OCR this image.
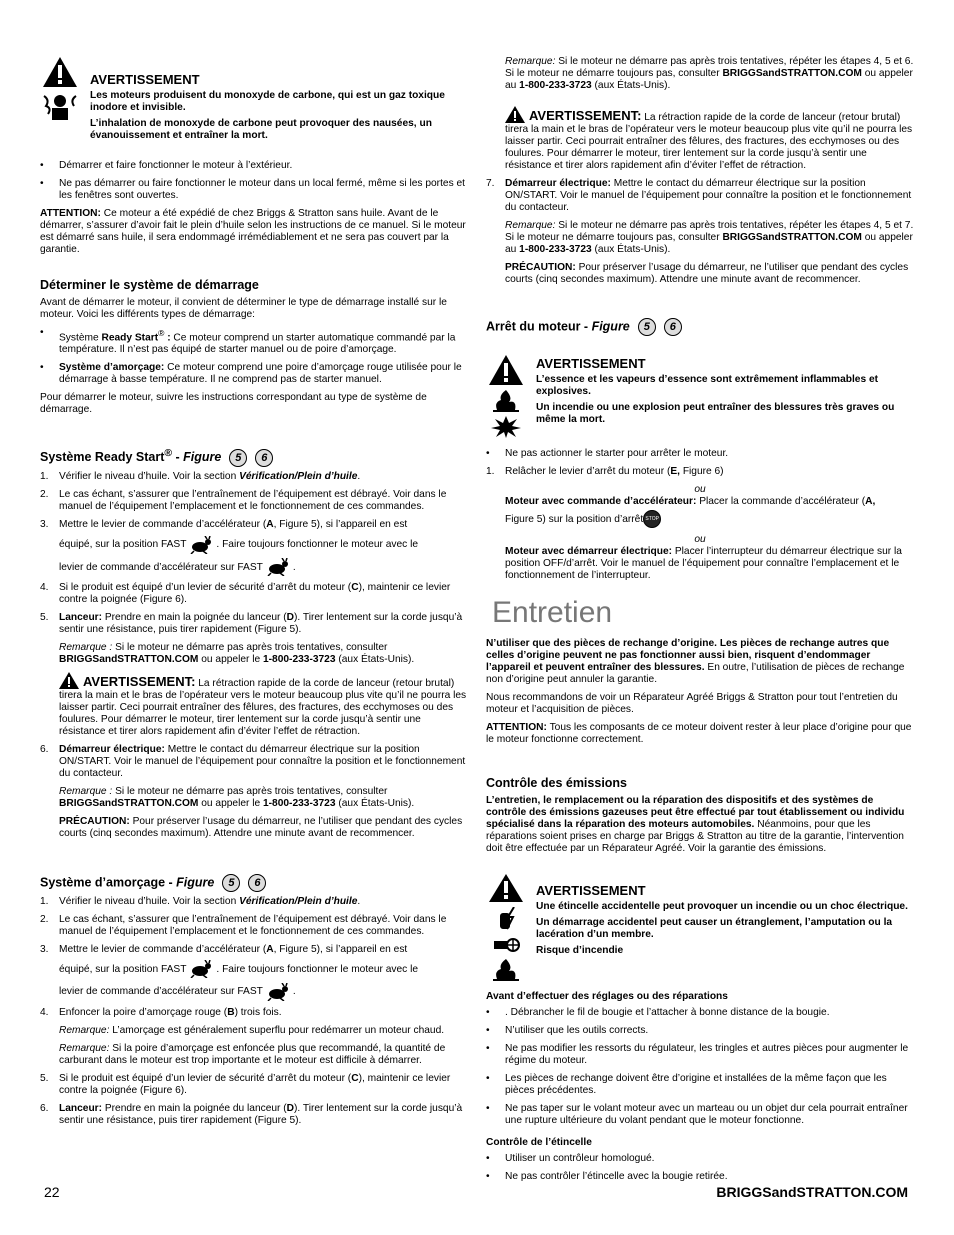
AVERTISSEMENT

Les moteurs produisent du monoxyde de carbone, qui est un gaz toxique inodore et invisible.

L’inhalation de monoxyde de carbone peut provoquer des nausées, un évanouissement et entraîner la mort.

• Démarrer et faire fonctionner le moteur à l’extérieur.
• Ne pas démarrer ou faire fonctionner le moteur dans un local fermé, même si les portes et les fenêtres sont ouvertes.

ATTENTION: Ce moteur a été expédié de chez Briggs & Stratton sans huile. Avant de le démarrer, s’assurer d’avoir fait le plein d’huile selon les instructions de ce manuel. Si le moteur est démarré sans huile, il sera endommagé irrémédiablement et ne sera pas couvert par la garantie.

Déterminer le système de démarrage

Avant de démarrer le moteur, il convient de déterminer le type de démarrage installé sur le moteur. Voici les différents types de démarrage:

• Système Ready Start® : Ce moteur comprend un starter automatique commandé par la température. Il n’est pas équipé de starter manuel ou de poire d’amorçage.
• Système d’amorçage: Ce moteur comprend une poire d’amorçage rouge utilisée pour le démarrage à basse température. Il ne comprend pas de starter manuel.

Pour démarrer le moteur, suivre les instructions correspondant au type de système de démarrage.

Système Ready Start® - Figure 5 6
1. Vérifier le niveau d’huile. Voir la section Vérification/Plein d’huile.
2. Le cas échant, s’assurer que l’entraînement de l’équipement est débrayé. Voir dans le manuel de l’équipement l’emplacement et le fonctionnement de ces commandes.
3. Mettre le levier de commande d’accélérateur (A, Figure 5), si l’appareil en est
équipé, sur la position FAST	. Faire toujours fonctionner le moteur avec le
levier de commande d’accélérateur sur FAST	.
4. Si le produit est équipé d’un levier de sécurité d’arrêt du moteur (C), maintenir ce levier contre la poignée (Figure 6).
5. Lanceur: Prendre en main la poignée du lanceur (D). Tirer lentement sur la corde jusqu’à sentir une résistance, puis tirer rapidement (Figure 5).

Remarque : Si le moteur ne démarre pas après trois tentatives, consulter BRIGGSandSTRATTON.COM ou appeler le 1-800-233-3723 (aux États-Unis).

AVERTISSEMENT: La rétraction rapide de la corde de lanceur (retour brutal) tirera la main et le bras de l’opérateur vers le moteur beaucoup plus vite qu’il ne pourra les laisser partir. Ceci pourrait entraîner des fêlures, des fractures, des ecchymoses ou des foulures. Pour démarrer le moteur, tirer lentement sur la corde jusqu’à sentir une résistance et tirer alors rapidement afin d’éviter l’effet de rétraction.

6. Démarreur électrique: Mettre le contact du démarreur électrique sur la position ON/START. Voir le manuel de l’équipement pour connaître la position et le fonctionnement du contacteur.

Remarque : Si le moteur ne démarre pas après trois tentatives, consulter BRIGGSandSTRATTON.COM ou appeler le 1-800-233-3723 (aux États-Unis).

PRÉCAUTION: Pour préserver l’usage du démarreur, ne l’utiliser que pendant des cycles courts (cinq secondes maximum). Attendre une minute avant de recommencer.

Système d’amorçage - Figure 5 6
1. Vérifier le niveau d’huile. Voir la section Vérification/Plein d’huile.
2. Le cas échant, s’assurer que l’entraînement de l’équipement est débrayé. Voir dans le manuel de l’équipement l’emplacement et le fonctionnement de ces commandes.
3. Mettre le levier de commande d’accélérateur (A, Figure 5), si l’appareil en est
équipé, sur la position FAST	. Faire toujours fonctionner le moteur avec le
levier de commande d’accélérateur sur FAST	.
4. Enfoncer la poire d’amorçage rouge (B) trois fois.

Remarque: L’amorçage est généralement superflu pour redémarrer un moteur chaud.

Remarque: Si la poire d’amorçage est enfoncée plus que recommandé, la quantité de carburant dans le moteur est trop importante et le moteur est difficile à démarrer.

5. Si le produit est équipé d’un levier de sécurité d’arrêt du moteur (C), maintenir ce levier contre la poignée (Figure 6).
6. Lanceur: Prendre en main la poignée du lanceur (D). Tirer lentement sur la corde jusqu’à sentir une résistance, puis tirer rapidement (Figure 5).

Remarque: Si le moteur ne démarre pas après trois tentatives, répéter les étapes 4, 5 et 6. Si le moteur ne démarre toujours pas, consulter BRIGGSandSTRATTON.COM ou appeler au 1-800-233-3723 (aux États-Unis).

AVERTISSEMENT: La rétraction rapide de la corde de lanceur (retour brutal) tirera la main et le bras de l’opérateur vers le moteur beaucoup plus vite qu’il ne pourra les laisser partir. Ceci pourrait entraîner des fêlures, des fractures, des ecchymoses ou des foulures. Pour démarrer le moteur, tirer lentement sur la corde jusqu’à sentir une résistance et tirer alors rapidement afin d’éviter l’effet de rétraction.

7. Démarreur électrique: Mettre le contact du démarreur électrique sur la position ON/START. Voir le manuel de l’équipement pour connaître la position et le fonctionnement du contacteur.

Remarque: Si le moteur ne démarre pas après trois tentatives, répéter les étapes 4, 5 et 7. Si le moteur ne démarre toujours pas, consulter BRIGGSandSTRATTON.COM ou appeler au 1-800-233-3723 (aux États-Unis).

PRÉCAUTION: Pour préserver l’usage du démarreur, ne l’utiliser que pendant des cycles courts (cinq secondes maximum). Attendre une minute avant de recommencer.

Arrêt du moteur - Figure 5 6
AVERTISSEMENT

L’essence et les vapeurs d’essence sont extrêmement inflammables et explosives.

Un incendie ou une explosion peut entraîner des blessures très graves ou même la mort.

• Ne pas actionner le starter pour arrêter le moteur.
1. Relâcher le levier d’arrêt du moteur (E, Figure 6)

ou

Moteur avec commande d’accélérateur: Placer la commande d’accélérateur (A,
Figure 5) sur la position d’arrêt STOP

ou

Moteur avec démarreur électrique: Placer l’interrupteur du démarreur électrique sur la position OFF/d’arrêt. Voir le manuel de l’équipement pour connaître l’emplacement et le fonctionnement de l’interrupteur.

Entretien

N’utiliser que des pièces de rechange d’origine. Les pièces de rechange autres que celles d’origine peuvent ne pas fonctionner aussi bien, risquent d’endommager l’appareil et peuvent entraîner des blessures. En outre, l’utilisation de pièces de rechange non d’origine peut annuler la garantie.

Nous recommandons de voir un Réparateur Agréé Briggs & Stratton pour tout l’entretien du moteur et l’acquisition de pièces.

ATTENTION: Tous les composants de ce moteur doivent rester à leur place d’origine pour que le moteur fonctionne correctement.

Contrôle des émissions

L’entretien, le remplacement ou la réparation des dispositifs et des systèmes de contrôle des émissions gazeuses peut être effectué par tout établissement ou individu spécialisé dans la réparation des moteurs automobiles. Néanmoins, pour que les réparations soient prises en charge par Briggs & Stratton au titre de la garantie, l’intervention doit être effectuée par un Réparateur Agréé. Voir la garantie des émissions.

AVERTISSEMENT

Une étincelle accidentelle peut provoquer un incendie ou un choc électrique.

Un démarrage accidentel peut causer un étranglement, l’amputation ou la lacération d’un membre.

Risque d’incendie

Avant d’effectuer des réglages ou des réparations
• . Débrancher le fil de bougie et l’attacher à bonne distance de la bougie.
• N’utiliser que les outils corrects.
• Ne pas modifier les ressorts du régulateur, les tringles et autres pièces pour augmenter le régime du moteur.
• Les pièces de rechange doivent être d’origine et installées de la même façon que les pièces précédentes.
• Ne pas taper sur le volant moteur avec un marteau ou un objet dur cela pourrait entraîner une rupture ultérieure du volant pendant que le moteur fonctionne.
Contrôle de l’étincelle
• Utiliser un contrôleur homologué.
• Ne pas contrôler l’étincelle avec la bougie retirée.
22	BRIGGSandSTRATTON.COM
